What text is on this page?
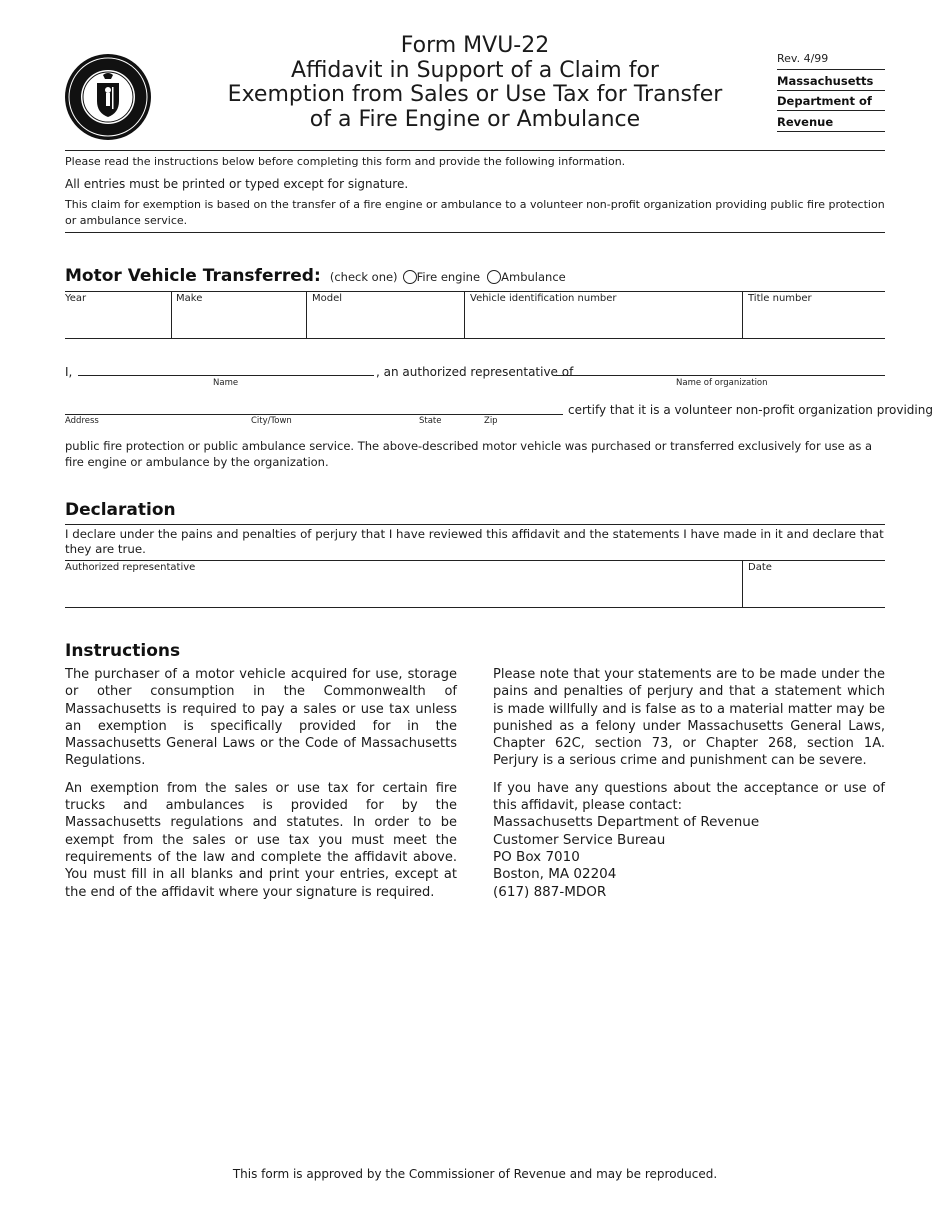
Form MVU-22
Affidavit in Support of a Claim for
Exemption from Sales or Use Tax for Transfer
of a Fire Engine or Ambulance
Rev. 4/99
Massachusetts
Department of
Revenue
Please read the instructions below before completing this form and provide the following information.
All entries must be printed or typed except for signature.
This claim for exemption is based on the transfer of a fire engine or ambulance to a volunteer non-profit organization providing public fire protection or ambulance service.
Motor Vehicle Transferred: (check one) Fire engine Ambulance
Year	Make	Model	Vehicle identification number	Title number
I,	, an authorized representative of
Name	Name of organization
certify that it is a volunteer non-profit organization providing
Address	City/Town	State	Zip
public fire protection or public ambulance service. The above-described motor vehicle was purchased or transferred exclusively for use as a fire engine or ambulance by the organization.
Declaration
I declare under the pains and penalties of perjury that I have reviewed this affidavit and the statements I have made in it and declare that they are true.
Authorized representative	Date
Instructions
The purchaser of a motor vehicle acquired for use, storage or other consumption in the Commonwealth of Massachusetts is required to pay a sales or use tax unless an exemption is specifically provided for in the Massachusetts General Laws or the Code of Massachusetts Regulations.
An exemption from the sales or use tax for certain fire trucks and ambulances is provided for by the Massachusetts regulations and statutes. In order to be exempt from the sales or use tax you must meet the requirements of the law and complete the affidavit above. You must fill in all blanks and print your entries, except at the end of the affidavit where your signature is required.
Please note that your statements are to be made under the pains and penalties of perjury and that a statement which is made willfully and is false as to a material matter may be punished as a felony under Massachusetts General Laws, Chapter 62C, section 73, or Chapter 268, section 1A. Perjury is a serious crime and punishment can be severe.
If you have any questions about the acceptance or use of this affidavit, please contact:
Massachusetts Department of Revenue
Customer Service Bureau
PO Box 7010
Boston, MA 02204
(617) 887-MDOR
This form is approved by the Commissioner of Revenue and may be reproduced.
